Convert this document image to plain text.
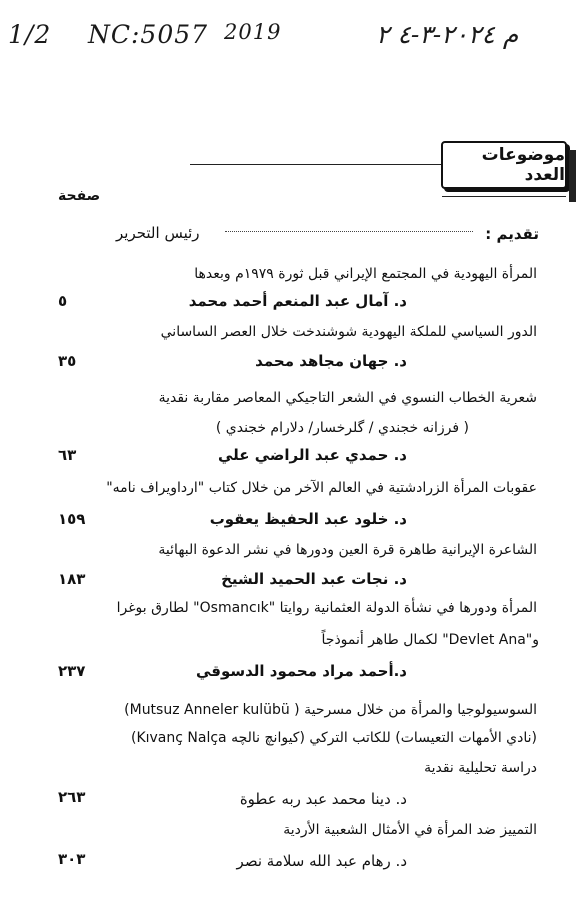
1/2 NC:5057 2019	م ٢٠٢٤-٣-٤ ٢
موضوعات العدد
صفحة
تقديم :
رئيس التحرير
المرأة اليهودية في المجتمع الإيراني قبل ثورة ١٩٧٩م وبعدها
د. آمال عبد المنعم أحمد محمد
٥
الدور السياسي للملكة اليهودية شوشندخت خلال العصر الساساني
د. جهان مجاهد محمد
٣٥
شعرية الخطاب النسوي في الشعر التاجيكي المعاصر مقاربة نقدية
( فرزانه خجندي / گلرخسار/ دلارام خجندي )
د. حمدي عبد الراضي علي
٦٣
عقوبات المرأة الزرادشتية في العالم الآخر من خلال كتاب "ارداويراف نامه"
د. خلود عبد الحفيظ يعقوب
١٥٩
الشاعرة الإيرانية طاهرة قرة العين ودورها في نشر الدعوة البهائية
د. نجات عبد الحميد الشيخ
١٨٣
المرأة ودورها في نشأة الدولة العثمانية روايتا "Osmancık" لطارق بوغرا
و"Devlet Ana" لكمال طاهر أنموذجاً
د.أحمد مراد محمود الدسوقي
٢٣٧
السوسيولوجيا والمرأة من خلال مسرحية ( Mutsuz Anneler kulübü)
(نادي الأمهات التعيسات) للكاتب التركي (كيوانچ نالچه Kıvanç Nalça)
دراسة تحليلية نقدية
د. دينا محمد عبد ربه عطوة
٢٦٣
التمييز ضد المرأة في الأمثال الشعبية الأردية
د. رهام عبد الله سلامة نصر
٣٠٣
